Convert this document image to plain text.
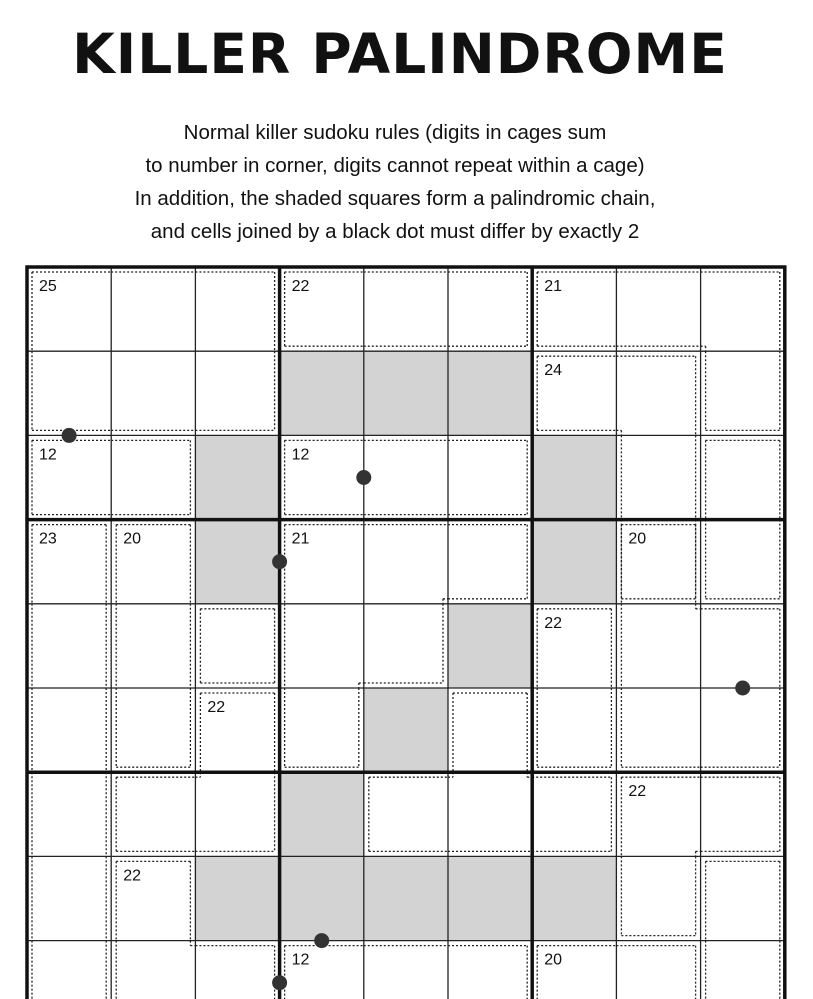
KILLER PALINDROME
Normal killer sudoku rules (digits in cages sum
to number in corner, digits cannot repeat within a cage)
In addition, the shaded squares form a palindromic chain,
and cells joined by a black dot must differ by exactly 2
25	22	21
24
12	12
23	20	21	20
22
22
22
22
12	20
